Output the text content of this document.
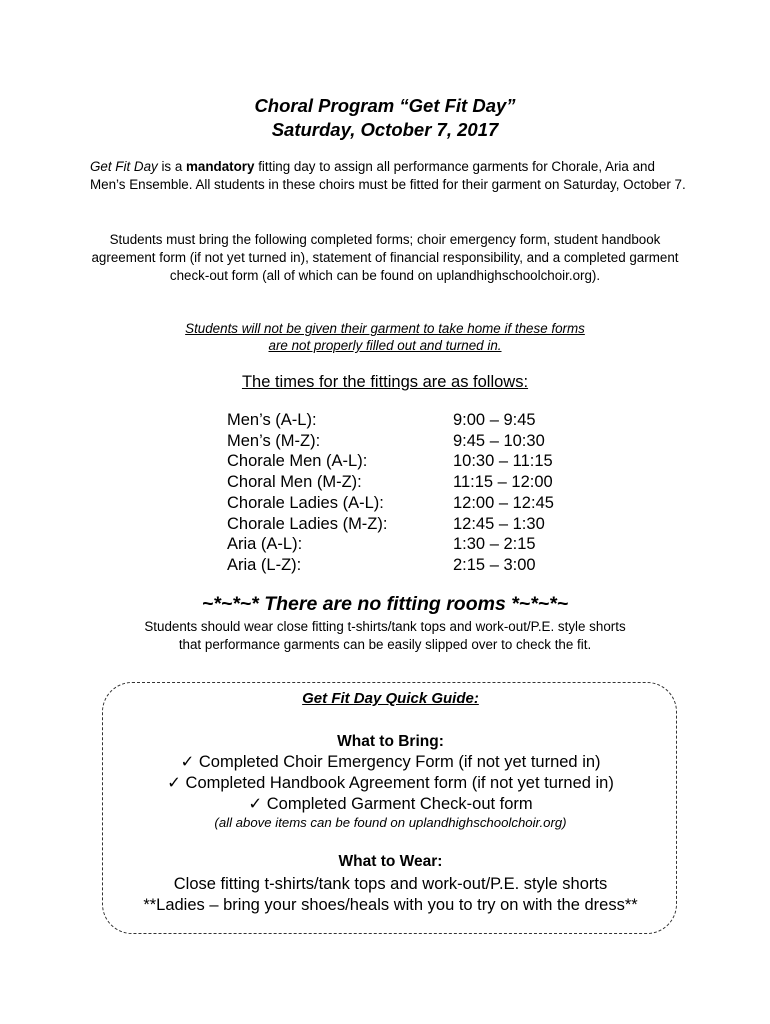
Choral Program “Get Fit Day”
Saturday, October 7, 2017
Get Fit Day is a mandatory fitting day to assign all performance garments for Chorale, Aria and Men’s Ensemble. All students in these choirs must be fitted for their garment on Saturday, October 7.
Students must bring the following completed forms; choir emergency form, student handbook agreement form (if not yet turned in), statement of financial responsibility, and a completed garment check-out form (all of which can be found on uplandhighschoolchoir.org).
Students will not be given their garment to take home if these forms
are not properly filled out and turned in.
The times for the fittings are as follows:
Men’s (A-L):	9:00 – 9:45
Men’s (M-Z):	9:45 – 10:30
Chorale Men (A-L):	10:30 – 11:15
Choral Men (M-Z):	11:15 – 12:00
Chorale Ladies (A-L):	12:00 – 12:45
Chorale Ladies (M-Z):	12:45 – 1:30
Aria (A-L):	1:30 – 2:15
Aria (L-Z):	2:15 – 3:00
~*~*~* There are no fitting rooms *~*~*~
Students should wear close fitting t-shirts/tank tops and work-out/P.E. style shorts
that performance garments can be easily slipped over to check the fit.
Get Fit Day Quick Guide:
What to Bring:
✓ Completed Choir Emergency Form (if not yet turned in)
✓ Completed Handbook Agreement form (if not yet turned in)
✓ Completed Garment Check-out form
(all above items can be found on uplandhighschoolchoir.org)
What to Wear:
Close fitting t-shirts/tank tops and work-out/P.E. style shorts
**Ladies – bring your shoes/heals with you to try on with the dress**
